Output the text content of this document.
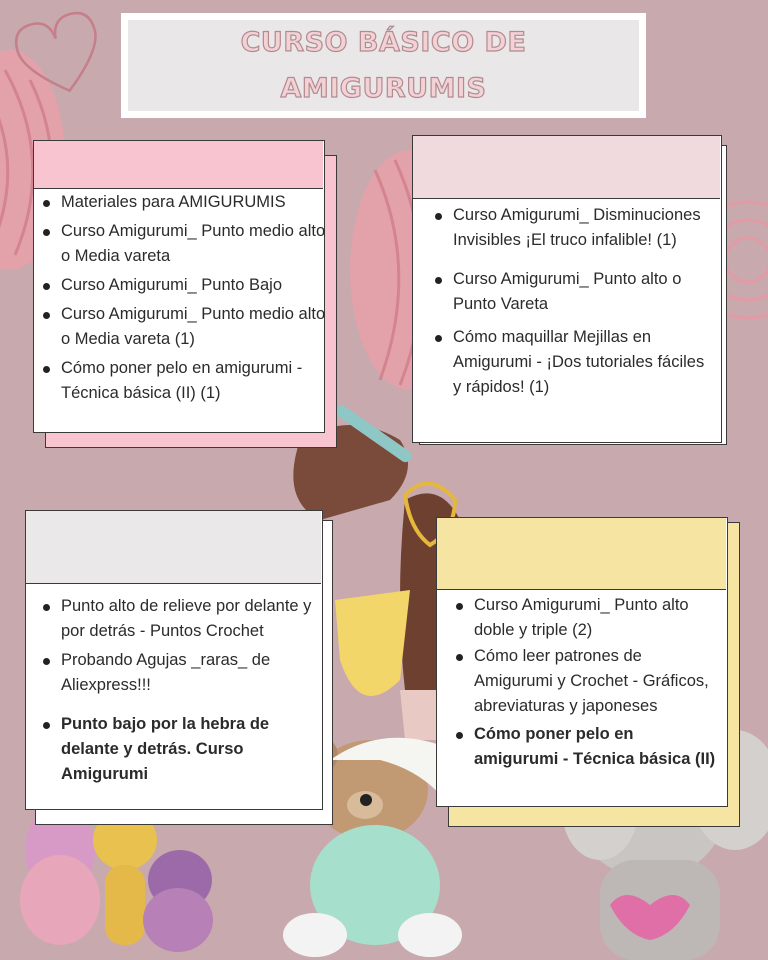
CURSO BÁSICO DE
AMIGURUMIS
Materiales para AMIGURUMIS
Curso Amigurumi_ Punto medio alto o Media vareta
Curso Amigurumi_ Punto Bajo
Curso Amigurumi_ Punto medio alto o Media vareta (1)
Cómo poner pelo en amigurumi - Técnica básica (II) (1)
Curso Amigurumi_ Disminuciones Invisibles ¡El truco infalible! (1)
Curso Amigurumi_ Punto alto o Punto Vareta
Cómo maquillar Mejillas en Amigurumi - ¡Dos tutoriales fáciles y rápidos! (1)
Punto alto de relieve por delante y por detrás - Puntos Crochet
Probando Agujas _raras_ de Aliexpress!!!
Punto bajo por la hebra de delante y detrás. Curso Amigurumi
Curso Amigurumi_ Punto alto doble y triple (2)
Cómo leer patrones de Amigurumi y Crochet - Gráficos, abreviaturas y japoneses
Cómo poner pelo en amigurumi - Técnica básica (II)
